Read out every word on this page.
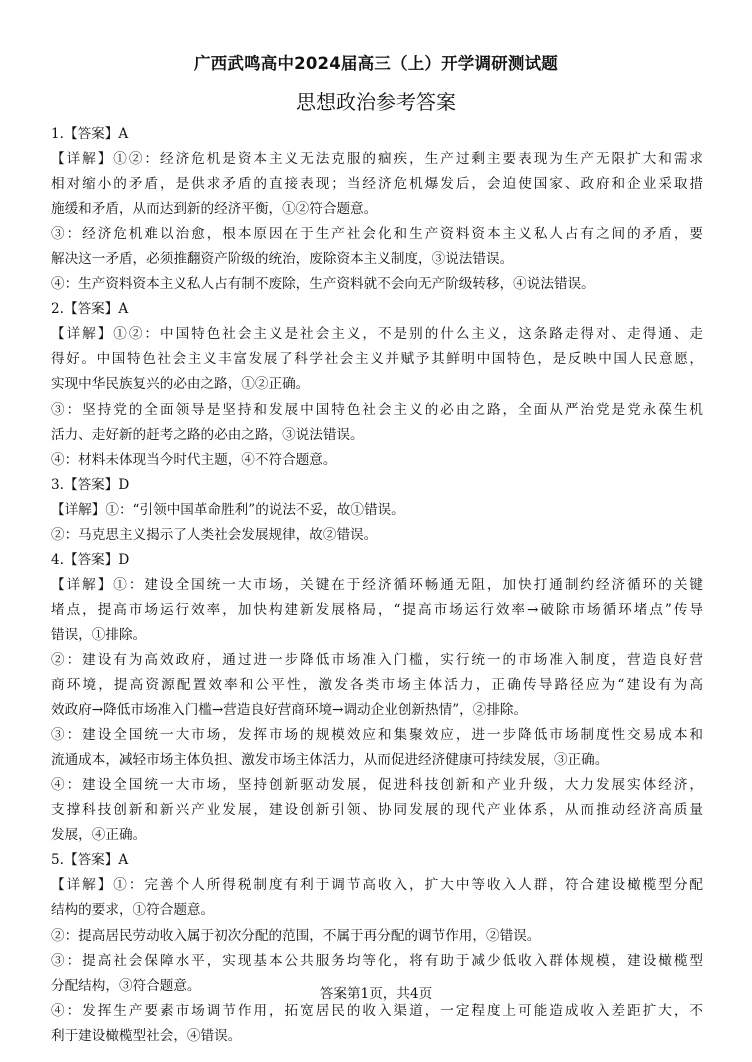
广西武鸣高中2024届高三（上）开学调研测试题
思想政治参考答案
1.【答案】A
【详解】①②：经济危机是资本主义无法克服的痼疾，生产过剩主要表现为生产无限扩大和需求
相对缩小的矛盾，是供求矛盾的直接表现；当经济危机爆发后，会迫使国家、政府和企业采取措
施缓和矛盾，从而达到新的经济平衡，①②符合题意。
③：经济危机难以治愈，根本原因在于生产社会化和生产资料资本主义私人占有之间的矛盾，要
解决这一矛盾，必须推翻资产阶级的统治，废除资本主义制度，③说法错误。
④：生产资料资本主义私人占有制不废除，生产资料就不会向无产阶级转移，④说法错误。
2.【答案】A
【详解】①②：中国特色社会主义是社会主义，不是别的什么主义，这条路走得对、走得通、走
得好。中国特色社会主义丰富发展了科学社会主义并赋予其鲜明中国特色，是反映中国人民意愿，
实现中华民族复兴的必由之路，①②正确。
③：坚持党的全面领导是坚持和发展中国特色社会主义的必由之路，全面从严治党是党永葆生机
活力、走好新的赶考之路的必由之路，③说法错误。
④：材料未体现当今时代主题，④不符合题意。
3.【答案】D
【详解】①：“引领中国革命胜利”的说法不妥，故①错误。
②：马克思主义揭示了人类社会发展规律，故②错误。
4.【答案】D
【详解】①：建设全国统一大市场，关键在于经济循环畅通无阻，加快打通制约经济循环的关键
堵点，提高市场运行效率，加快构建新发展格局，“提高市场运行效率→破除市场循环堵点”传导
错误，①排除。
②：建设有为高效政府，通过进一步降低市场准入门槛，实行统一的市场准入制度，营造良好营
商环境，提高资源配置效率和公平性，激发各类市场主体活力，正确传导路径应为“建设有为高
效政府→降低市场准入门槛→营造良好营商环境→调动企业创新热情”，②排除。
③：建设全国统一大市场，发挥市场的规模效应和集聚效应，进一步降低市场制度性交易成本和
流通成本，减轻市场主体负担、激发市场主体活力，从而促进经济健康可持续发展，③正确。
④：建设全国统一大市场，坚持创新驱动发展，促进科技创新和产业升级，大力发展实体经济，
支撑科技创新和新兴产业发展，建设创新引领、协同发展的现代产业体系，从而推动经济高质量
发展，④正确。
5.【答案】A
【详解】①：完善个人所得税制度有利于调节高收入，扩大中等收入人群，符合建设橄榄型分配
结构的要求，①符合题意。
②：提高居民劳动收入属于初次分配的范围，不属于再分配的调节作用，②错误。
③：提高社会保障水平，实现基本公共服务均等化，将有助于减少低收入群体规模，建设橄榄型
分配结构，③符合题意。
④：发挥生产要素市场调节作用，拓宽居民的收入渠道，一定程度上可能造成收入差距扩大，不
利于建设橄榄型社会，④错误。
答案第1页，共4页
